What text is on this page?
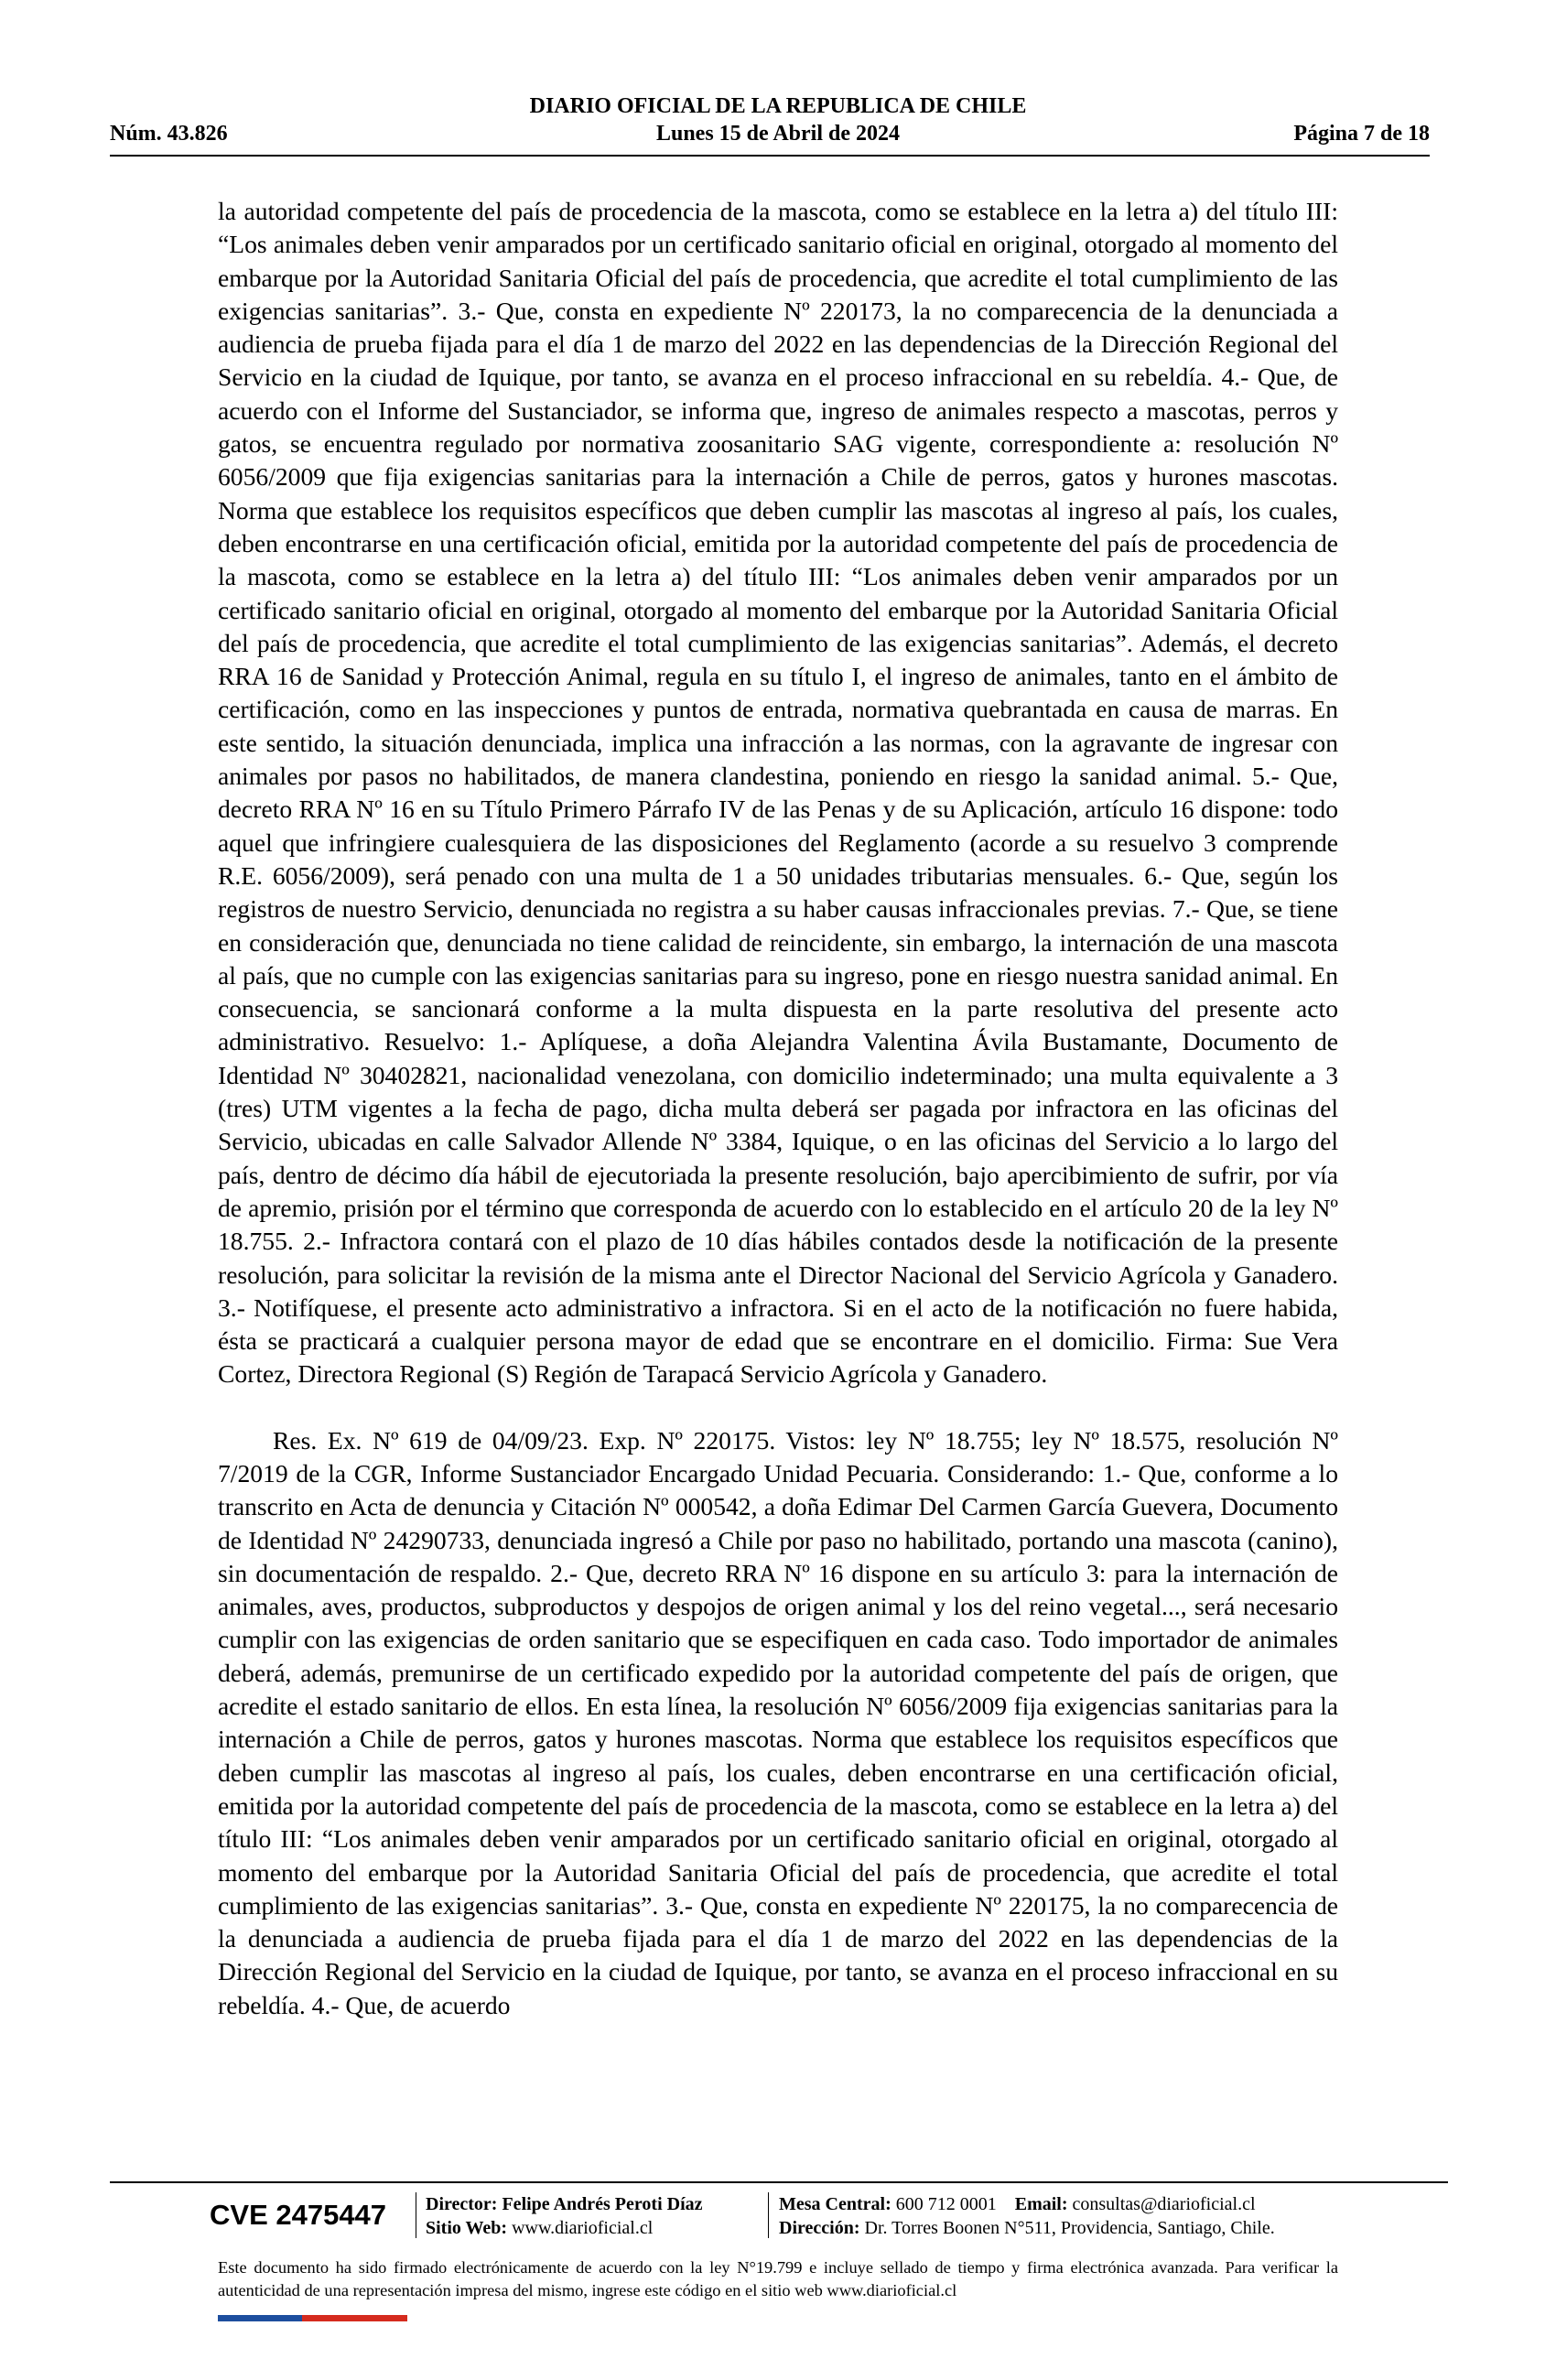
DIARIO OFICIAL DE LA REPUBLICA DE CHILE
Núm. 43.826	Lunes 15 de Abril de 2024	Página 7 de 18

la autoridad competente del país de procedencia de la mascota, como se establece en la letra a) del título III: “Los animales deben venir amparados por un certificado sanitario oficial en original, otorgado al momento del embarque por la Autoridad Sanitaria Oficial del país de procedencia, que acredite el total cumplimiento de las exigencias sanitarias”. 3.- Que, consta en expediente Nº 220173, la no comparecencia de la denunciada a audiencia de prueba fijada para el día 1 de marzo del 2022 en las dependencias de la Dirección Regional del Servicio en la ciudad de Iquique, por tanto, se avanza en el proceso infraccional en su rebeldía. 4.- Que, de acuerdo con el Informe del Sustanciador, se informa que, ingreso de animales respecto a mascotas, perros y gatos, se encuentra regulado por normativa zoosanitario SAG vigente, correspondiente a: resolución Nº 6056/2009 que fija exigencias sanitarias para la internación a Chile de perros, gatos y hurones mascotas. Norma que establece los requisitos específicos que deben cumplir las mascotas al ingreso al país, los cuales, deben encontrarse en una certificación oficial, emitida por la autoridad competente del país de procedencia de la mascota, como se establece en la letra a) del título III: “Los animales deben venir amparados por un certificado sanitario oficial en original, otorgado al momento del embarque por la Autoridad Sanitaria Oficial del país de procedencia, que acredite el total cumplimiento de las exigencias sanitarias”. Además, el decreto RRA 16 de Sanidad y Protección Animal, regula en su título I, el ingreso de animales, tanto en el ámbito de certificación, como en las inspecciones y puntos de entrada, normativa quebrantada en causa de marras. En este sentido, la situación denunciada, implica una infracción a las normas, con la agravante de ingresar con animales por pasos no habilitados, de manera clandestina, poniendo en riesgo la sanidad animal. 5.- Que, decreto RRA Nº 16 en su Título Primero Párrafo IV de las Penas y de su Aplicación, artículo 16 dispone: todo aquel que infringiere cualesquiera de las disposiciones del Reglamento (acorde a su resuelvo 3 comprende R.E. 6056/2009), será penado con una multa de 1 a 50 unidades tributarias mensuales. 6.- Que, según los registros de nuestro Servicio, denunciada no registra a su haber causas infraccionales previas. 7.- Que, se tiene en consideración que, denunciada no tiene calidad de reincidente, sin embargo, la internación de una mascota al país, que no cumple con las exigencias sanitarias para su ingreso, pone en riesgo nuestra sanidad animal. En consecuencia, se sancionará conforme a la multa dispuesta en la parte resolutiva del presente acto administrativo. Resuelvo: 1.- Aplíquese, a doña Alejandra Valentina Ávila Bustamante, Documento de Identidad Nº 30402821, nacionalidad venezolana, con domicilio indeterminado; una multa equivalente a 3 (tres) UTM vigentes a la fecha de pago, dicha multa deberá ser pagada por infractora en las oficinas del Servicio, ubicadas en calle Salvador Allende Nº 3384, Iquique, o en las oficinas del Servicio a lo largo del país, dentro de décimo día hábil de ejecutoriada la presente resolución, bajo apercibimiento de sufrir, por vía de apremio, prisión por el término que corresponda de acuerdo con lo establecido en el artículo 20 de la ley Nº 18.755. 2.- Infractora contará con el plazo de 10 días hábiles contados desde la notificación de la presente resolución, para solicitar la revisión de la misma ante el Director Nacional del Servicio Agrícola y Ganadero. 3.- Notifíquese, el presente acto administrativo a infractora. Si en el acto de la notificación no fuere habida, ésta se practicará a cualquier persona mayor de edad que se encontrare en el domicilio. Firma: Sue Vera Cortez, Directora Regional (S) Región de Tarapacá Servicio Agrícola y Ganadero.

Res. Ex. Nº 619 de 04/09/23. Exp. Nº 220175. Vistos: ley Nº 18.755; ley Nº 18.575, resolución Nº 7/2019 de la CGR, Informe Sustanciador Encargado Unidad Pecuaria. Considerando: 1.- Que, conforme a lo transcrito en Acta de denuncia y Citación Nº 000542, a doña Edimar Del Carmen García Guevera, Documento de Identidad Nº 24290733, denunciada ingresó a Chile por paso no habilitado, portando una mascota (canino), sin documentación de respaldo. 2.- Que, decreto RRA Nº 16 dispone en su artículo 3: para la internación de animales, aves, productos, subproductos y despojos de origen animal y los del reino vegetal..., será necesario cumplir con las exigencias de orden sanitario que se especifiquen en cada caso. Todo importador de animales deberá, además, premunirse de un certificado expedido por la autoridad competente del país de origen, que acredite el estado sanitario de ellos. En esta línea, la resolución Nº 6056/2009 fija exigencias sanitarias para la internación a Chile de perros, gatos y hurones mascotas. Norma que establece los requisitos específicos que deben cumplir las mascotas al ingreso al país, los cuales, deben encontrarse en una certificación oficial, emitida por la autoridad competente del país de procedencia de la mascota, como se establece en la letra a) del título III: “Los animales deben venir amparados por un certificado sanitario oficial en original, otorgado al momento del embarque por la Autoridad Sanitaria Oficial del país de procedencia, que acredite el total cumplimiento de las exigencias sanitarias”. 3.- Que, consta en expediente Nº 220175, la no comparecencia de la denunciada a audiencia de prueba fijada para el día 1 de marzo del 2022 en las dependencias de la Dirección Regional del Servicio en la ciudad de Iquique, por tanto, se avanza en el proceso infraccional en su rebeldía. 4.- Que, de acuerdo

CVE 2475447 Director: Felipe Andrés Peroti Díaz
Sitio Web: www.diarioficial.cl
Mesa Central: 600 712 0001 Email: consultas@diarioficial.cl
Dirección: Dr. Torres Boonen N°511, Providencia, Santiago, Chile.
Este documento ha sido firmado electrónicamente de acuerdo con la ley N°19.799 e incluye sellado de tiempo y firma electrónica avanzada. Para verificar la autenticidad de una representación impresa del mismo, ingrese este código en el sitio web www.diarioficial.cl
